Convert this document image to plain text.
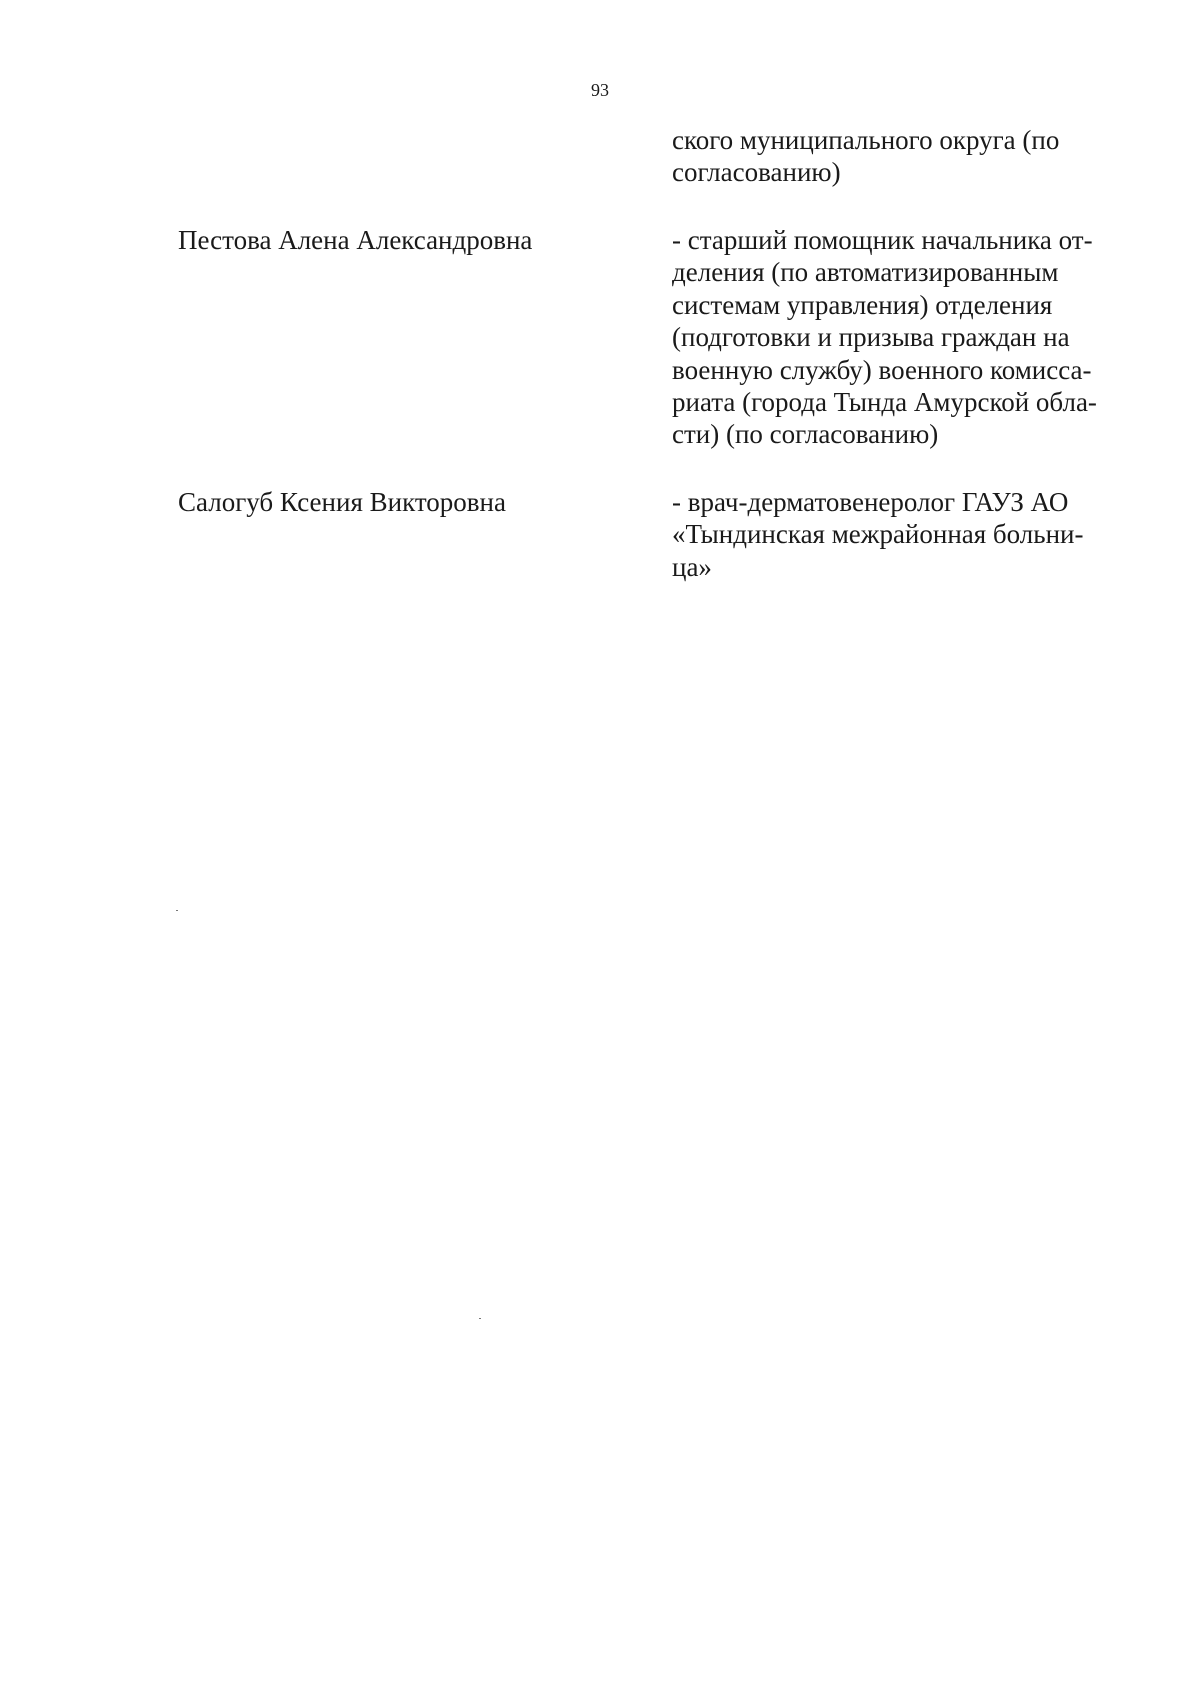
93
ского муниципального округа (по
согласованию)
Пестова Алена Александровна	- старший помощник начальника от-
деления (по автоматизированным
системам управления) отделения
(подготовки и призыва граждан на
военную службу) военного комисса-
риата (города Тында Амурской обла-
сти) (по согласованию)
Салогуб Ксения Викторовна	- врач-дерматовенеролог ГАУЗ АО
«Тындинская межрайонная больни-
ца»
